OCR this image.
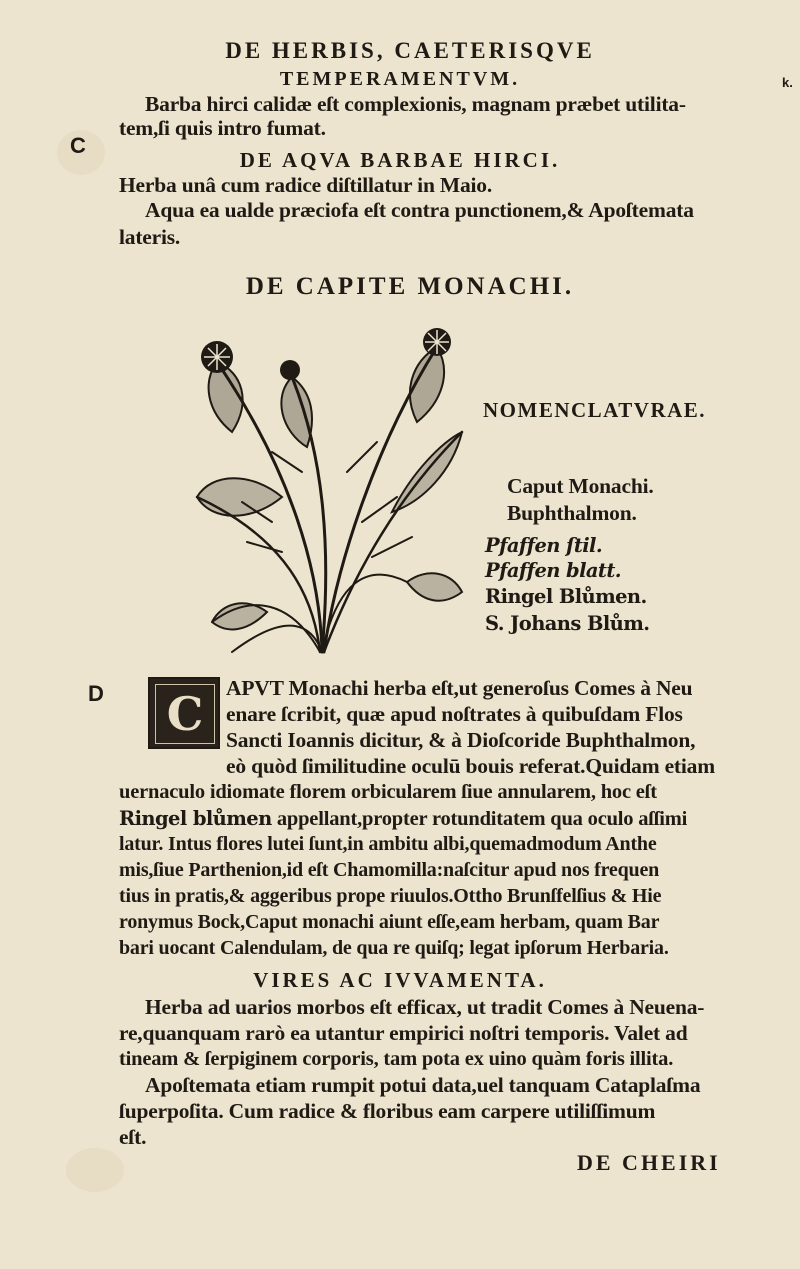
DE HERBIS, CAETERISQVE

TEMPERAMENTVM.	k.

Barba hirci calidæ eſt complexionis, magnam præbet utilita-

tem,ſi quis intro fumat.

C

DE AQVA BARBAE HIRCI.

Herba unâ cum radice diſtillatur in Maio.

Aqua ea ualde præciofa eſt contra punctionem,& Apoſtemata

lateris.

DE CAPITE MONACHI.

NOMENCLATVRAE.

Caput Monachi.

Buphthalmon.

Pfaffen ſtil.

Pfaffen blatt.

Ringel Blůmen.

S. Johans Blům.

D C	APVT Monachi herba eſt,ut generoſus Comes à Neu

enare ſcribit, quæ apud noſtrates à quibuſdam Flos

Sancti Ioannis dicitur, & à Dioſcoride Buphthalmon,

eò quòd ſimilitudine oculū bouis referat.Quidam etiam

uernaculo idiomate florem orbicularem ſiue annularem, hoc eſt

Ringel blůmen appellant,propter rotunditatem qua oculo aſſimi

latur. Intus flores lutei ſunt,in ambitu albi,quemadmodum Anthe

mis,ſiue Parthenion,id eſt Chamomilla:naſcitur apud nos frequen

tius in pratis,& aggeribus prope riuulos.Ottho Brunſfelſius & Hie

ronymus Bock,Caput monachi aiunt eſſe,eam herbam, quam Bar

bari uocant Calendulam, de qua re quiſq; legat ipſorum Herbaria.

VIRES AC IVVAMENTA.

Herba ad uarios morbos eſt efficax, ut tradit Comes à Neuena-

re,quanquam rarò ea utantur empirici noſtri temporis. Valet ad

tineam & ſerpiginem corporis, tam pota ex uino quàm foris illita.

Apoſtemata etiam rumpit potui data,uel tanquam Cataplaſma

ſuperpoſita. Cum radice & floribus eam carpere utiliſſimum

eſt.

DE CHEIRI
